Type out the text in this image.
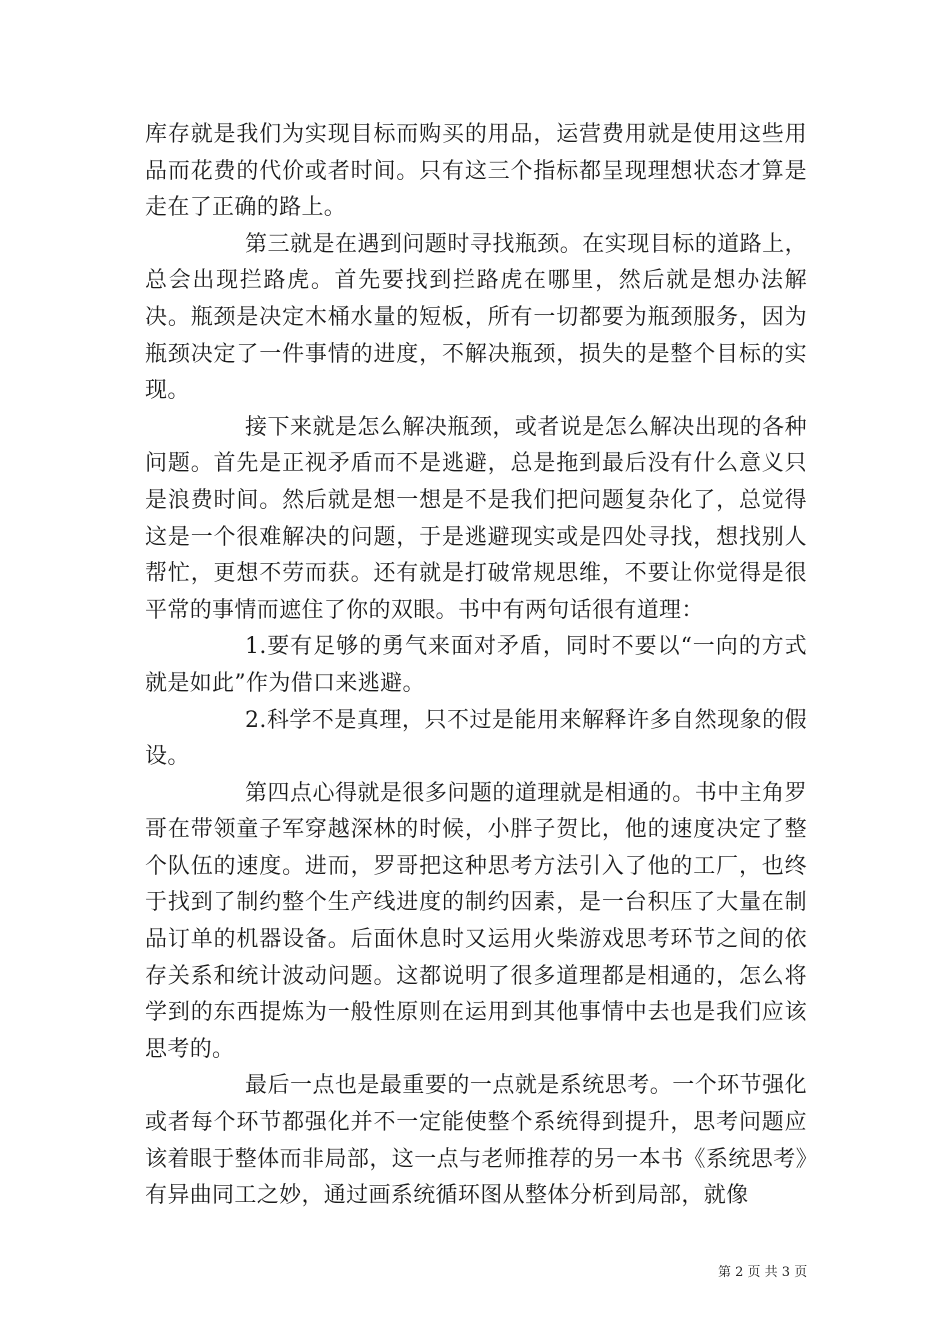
库存就是我们为实现目标而购买的用品，运营费用就是使用这些用品而花费的代价或者时间。只有这三个指标都呈现理想状态才算是走在了正确的路上。

第三就是在遇到问题时寻找瓶颈。在实现目标的道路上，总会出现拦路虎。首先要找到拦路虎在哪里，然后就是想办法解决。瓶颈是决定木桶水量的短板，所有一切都要为瓶颈服务，因为瓶颈决定了一件事情的进度，不解决瓶颈，损失的是整个目标的实现。

接下来就是怎么解决瓶颈，或者说是怎么解决出现的各种问题。首先是正视矛盾而不是逃避，总是拖到最后没有什么意义只是浪费时间。然后就是想一想是不是我们把问题复杂化了，总觉得这是一个很难解决的问题，于是逃避现实或是四处寻找，想找别人帮忙，更想不劳而获。还有就是打破常规思维，不要让你觉得是很平常的事情而遮住了你的双眼。书中有两句话很有道理：

1.要有足够的勇气来面对矛盾，同时不要以“一向的方式就是如此”作为借口来逃避。

2.科学不是真理，只不过是能用来解释许多自然现象的假设。

第四点心得就是很多问题的道理就是相通的。书中主角罗哥在带领童子军穿越深林的时候，小胖子贺比，他的速度决定了整个队伍的速度。进而，罗哥把这种思考方法引入了他的工厂，也终于找到了制约整个生产线进度的制约因素，是一台积压了大量在制品订单的机器设备。后面休息时又运用火柴游戏思考环节之间的依存关系和统计波动问题。这都说明了很多道理都是相通的，怎么将学到的东西提炼为一般性原则在运用到其他事情中去也是我们应该思考的。

最后一点也是最重要的一点就是系统思考。一个环节强化或者每个环节都强化并不一定能使整个系统得到提升，思考问题应该着眼于整体而非局部，这一点与老师推荐的另一本书《系统思考》有异曲同工之妙，通过画系统循环图从整体分析到局部，就像

第 2 页 共 3 页
